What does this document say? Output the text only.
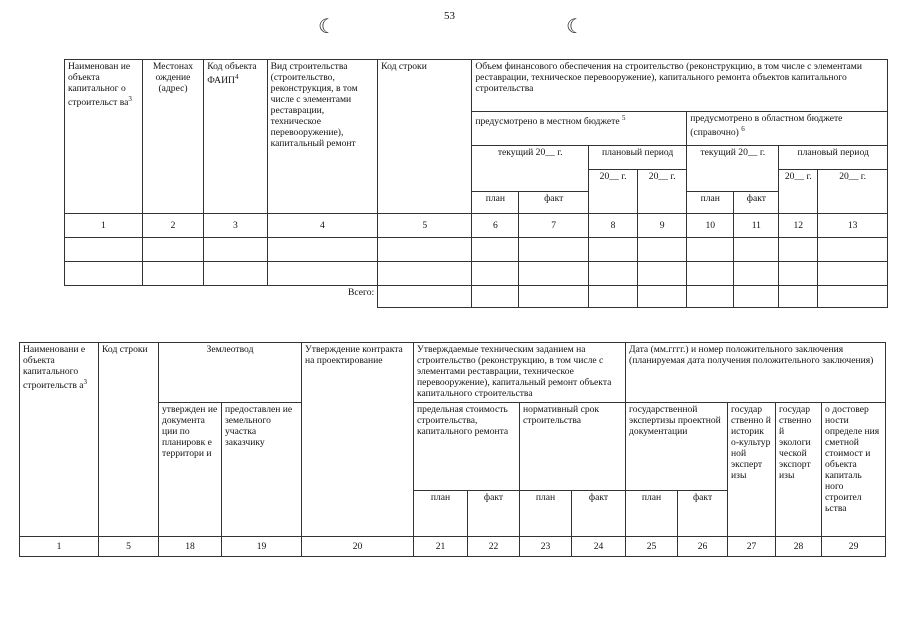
53
☾	☾
Наименован ие объекта капитальног о строительст $ва^3$	Местонах ождение (адрес)	Код объекта ФАИП$^4$	Вид строительства (строительство, реконструкция, в том числе с элементами реставрации, техническое перевооружение), капитальный ремонт	Код строки	Объем финансового обеспечения на строительство (реконструкцию, в том числе с элементами реставрации, техническое перевооружение), капитального ремонта объектов капитального строительства							
					предусмотрено в местном бюджете $^5$				предусмотрено в областном бюджете (справочно) $^6$
					текущий 20__ г.		плановый период		текущий 20__ г.		плановый период	
							20__ г.	20__ г.			20__ г.	20__ г.
					план	факт			план	факт		
1	2	3	4	5	6	7	8	9	10	11	12	13

			Всего:									
Наименовани е объекта капитального строительств $а^3$	Код строки	Землеотвод		Утверждение контракта на проектирование	Утверждаемые техническим заданием на строительство (реконструкцию, в том числе с элементами реставрации, техническое перевооружение), капитальный ремонт объекта капитального строительства				Дата (мм.гггг.) и номер положительного заключения (планируемая дата получения положительного заключения)				
		утвержден ие документа ции по планировк е территори и	предоставлен ие земельного участка заказчику		предельная стоимость строительства, капитального ремонта		нормативный срок строительства		государственной экспертизы проектной документации		государ ственно й историк о-культур ной эксперт изы	государ ственно й экологи ческой экспорт изы	о достовер ности определе ния сметной стоимост и объекта капиталь ного строител ьства

					план	факт	план	факт	план	факт			
1	5	18	19	20	21	22	23	24	25	26	27	28	29
